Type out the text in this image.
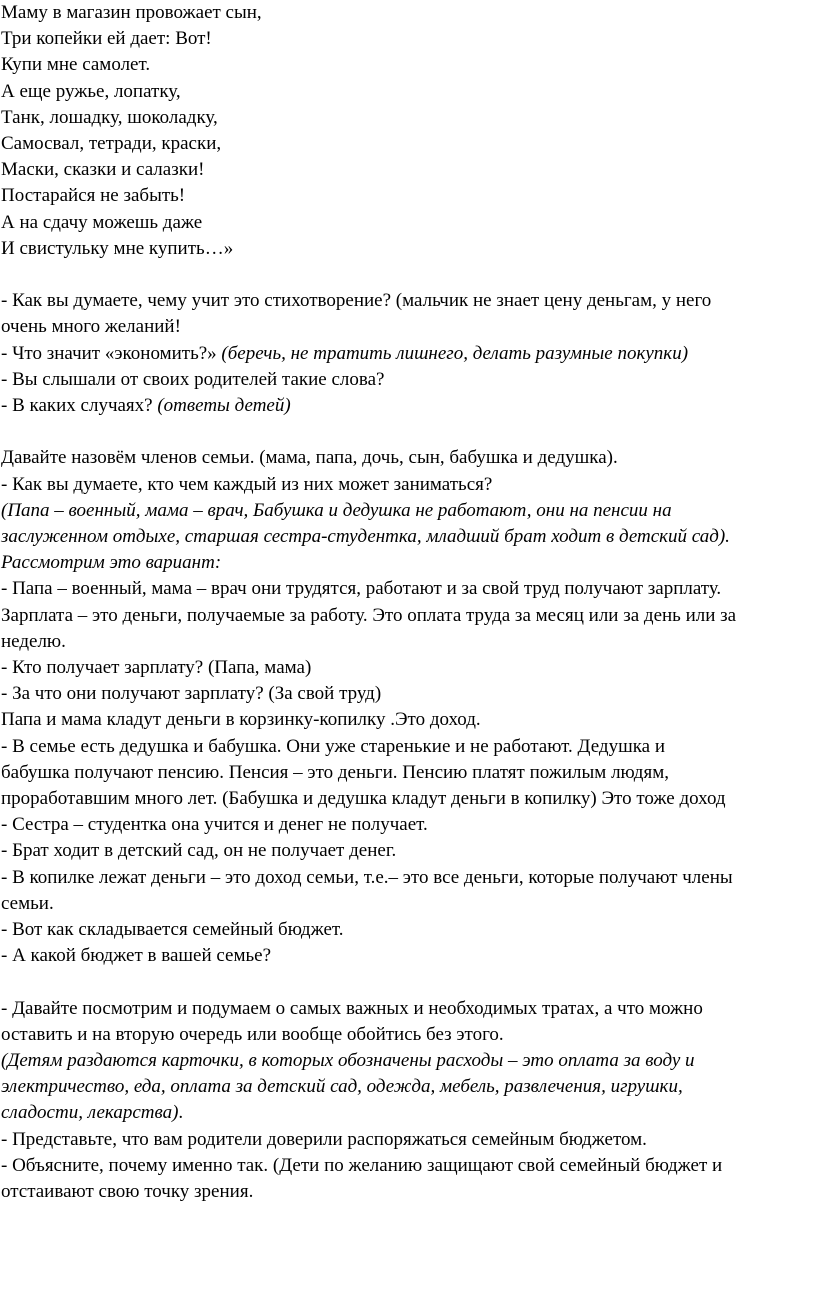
Маму в магазин провожает сын,
Три копейки ей дает: Вот!
Купи мне самолет.
А еще ружье, лопатку,
Танк, лошадку, шоколадку,
Самосвал, тетради, краски,
Маски, сказки и салазки!
Постарайся не забыть!
А на сдачу можешь даже
И свистульку мне купить…»
- Как вы думаете, чему учит это стихотворение? (мальчик не знает цену деньгам, у него
очень много желаний!
- Что значит «экономить?» (беречь, не тратить лишнего, делать разумные покупки)
- Вы слышали от своих родителей такие слова?
- В каких случаях? (ответы детей)
Давайте назовём членов семьи. (мама, папа, дочь, сын, бабушка и дедушка).
- Как вы думаете, кто чем каждый из них может заниматься?
(Папа – военный, мама – врач, Бабушка и дедушка не работают, они на пенсии на
заслуженном отдыхе, старшая сестра-студентка, младший брат ходит в детский сад).
Рассмотрим это вариант:
- Папа – военный, мама – врач они трудятся, работают и за свой труд получают зарплату.
Зарплата – это деньги, получаемые за работу. Это оплата труда за месяц или за день или за
неделю.
- Кто получает зарплату? (Папа, мама)
- За что они получают зарплату? (За свой труд)
Папа и мама кладут деньги в корзинку-копилку .Это доход.
- В семье есть дедушка и бабушка. Они уже старенькие и не работают. Дедушка и
бабушка получают пенсию. Пенсия – это деньги. Пенсию платят пожилым людям,
проработавшим много лет. (Бабушка и дедушка кладут деньги в копилку) Это тоже доход
- Сестра – студентка она учится и денег не получает.
- Брат ходит в детский сад, он не получает денег.
- В копилке лежат деньги – это доход семьи, т.е.– это все деньги, которые получают члены
семьи.
- Вот как складывается семейный бюджет.
- А какой бюджет в вашей семье?
- Давайте посмотрим и подумаем о самых важных и необходимых тратах, а что можно
оставить и на вторую очередь или вообще обойтись без этого.
(Детям раздаются карточки, в которых обозначены расходы – это оплата за воду и
электричество, еда, оплата за детский сад, одежда, мебель, развлечения, игрушки,
сладости, лекарства).
- Представьте, что вам родители доверили распоряжаться семейным бюджетом.
- Объясните, почему именно так. (Дети по желанию защищают свой семейный бюджет и
отстаивают свою точку зрения.
